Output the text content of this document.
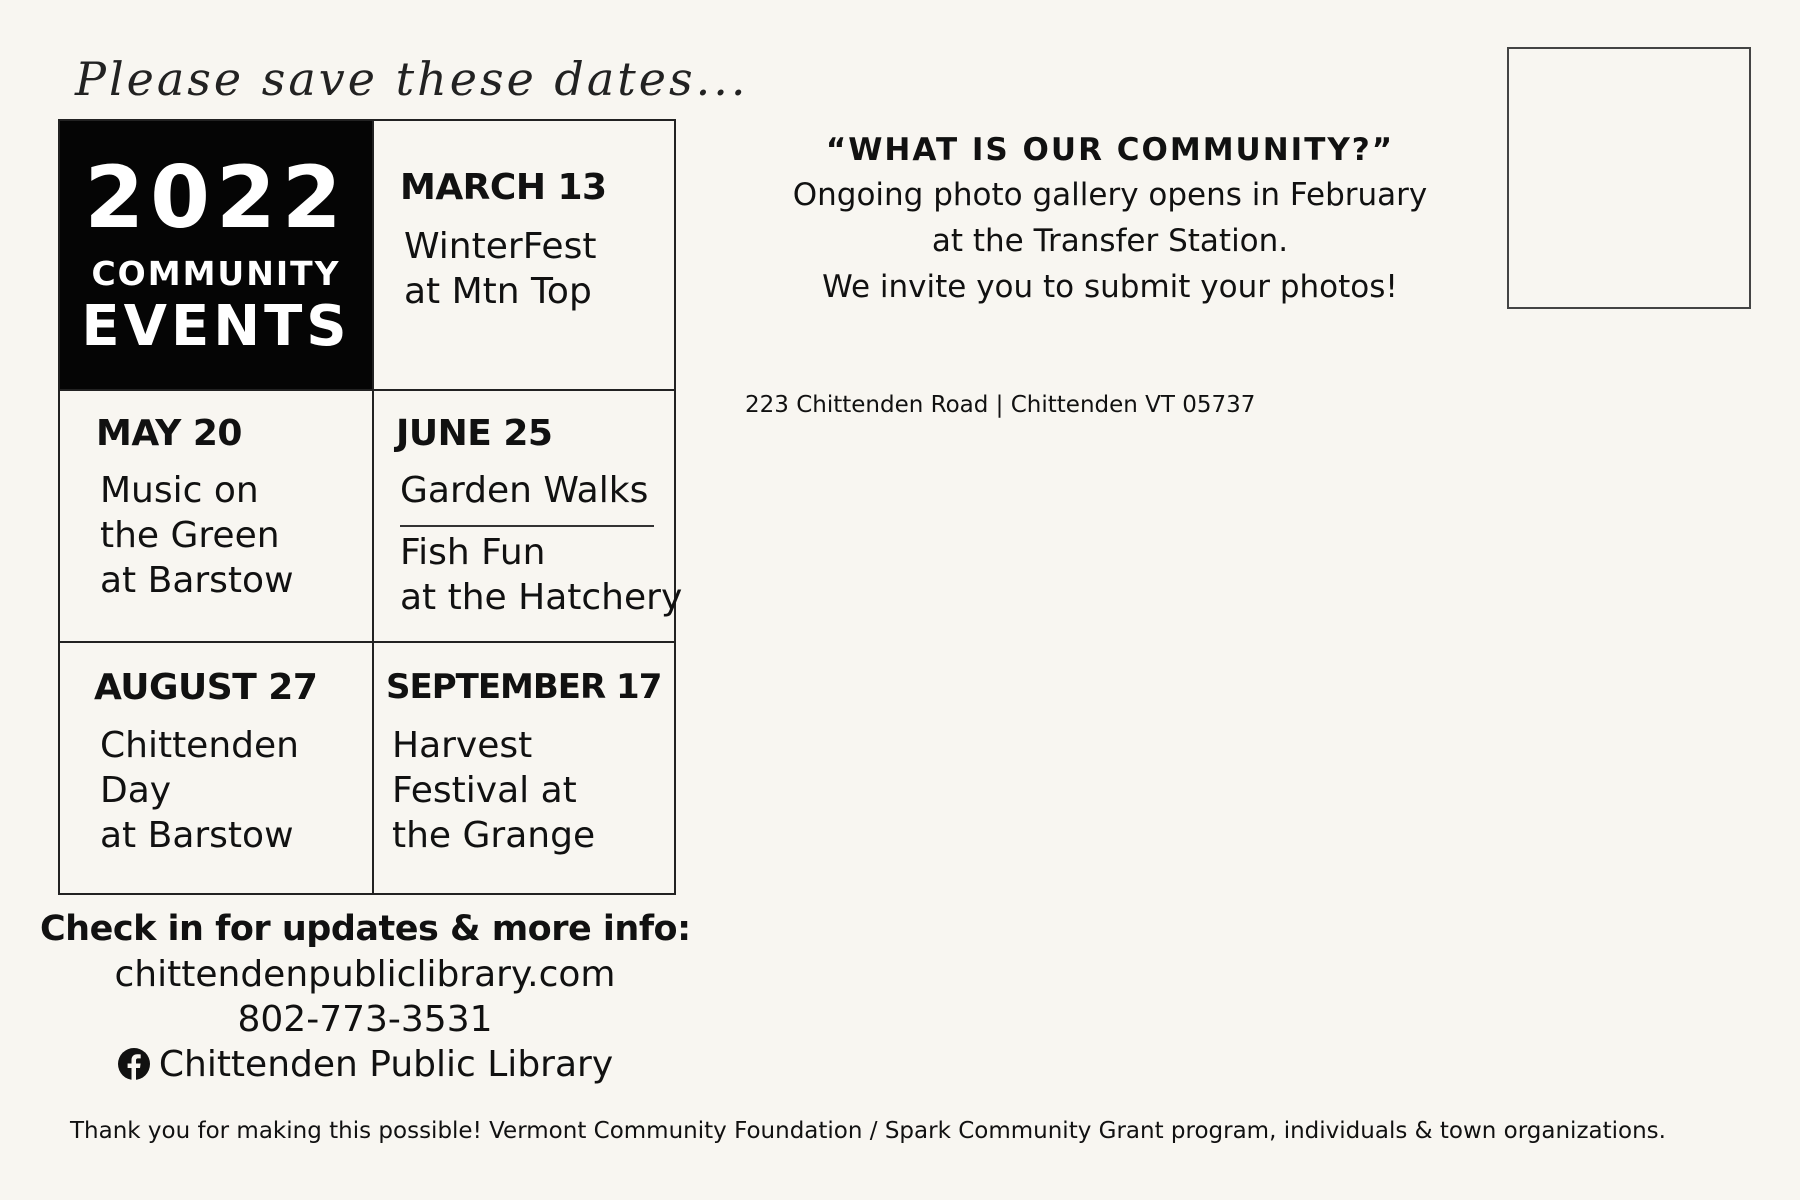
Please save these dates...
2022
COMMUNITY
EVENTS
MARCH 13
WinterFest
at Mtn Top
MAY 20
Music on
the Green
at Barstow
JUNE 25
Garden Walks
Fish Fun
at the Hatchery
AUGUST 27
Chittenden
Day
at Barstow
SEPTEMBER 17
Harvest
Festival at
the Grange
Check in for updates & more info:
chittendenpubliclibrary.com
802-773-3531
Chittenden Public Library
“WHAT IS OUR COMMUNITY?”
Ongoing photo gallery opens in February
at the Transfer Station.
We invite you to submit your photos!
223 Chittenden Road | Chittenden VT 05737
Thank you for making this possible! Vermont Community Foundation / Spark Community Grant program, individuals & town organizations.
